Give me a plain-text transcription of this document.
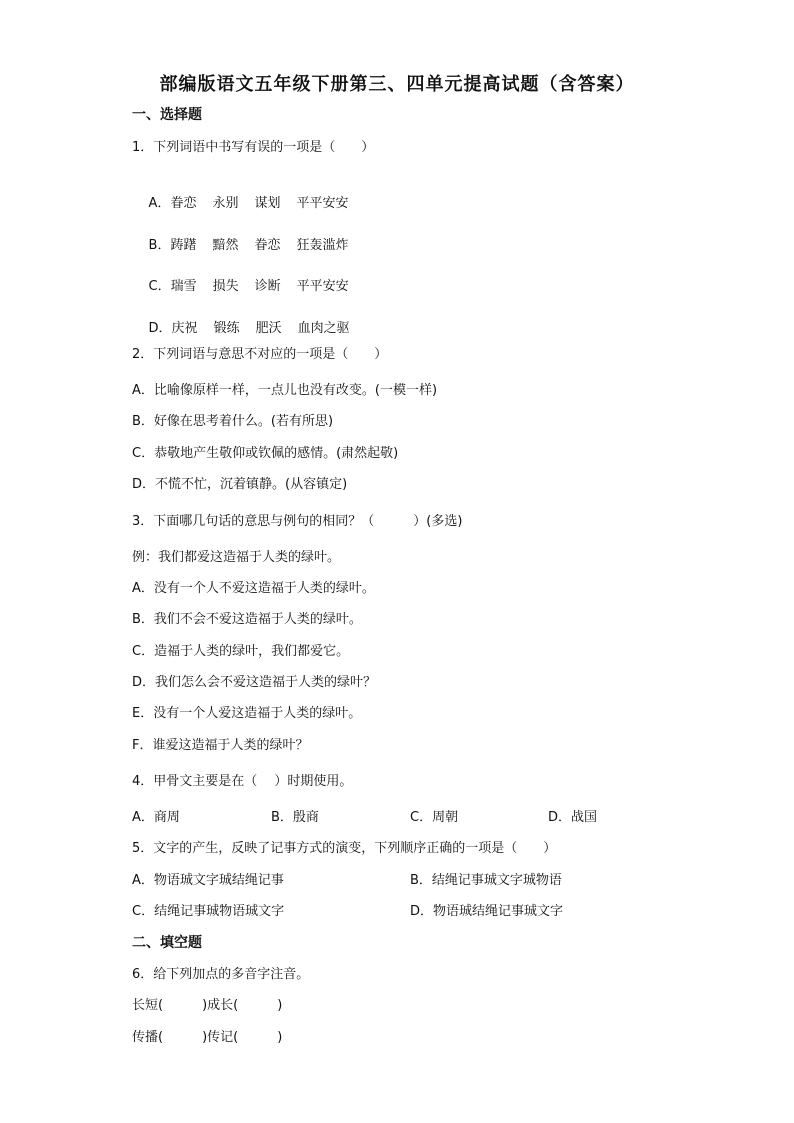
部编版语文五年级下册第三、四单元提高试题（含答案）
一、选择题
1．下列词语中书写有误的一项是（　　）

A．眷恋 永别 谋划 平平安安

B．踌躇 黯然 眷恋 狂轰滥炸

C．瑞雪 损失 诊断 平平安安

D．庆祝 锻练 肥沃 血肉之驱

2．下列词语与意思不对应的一项是（　　）
A．比喻像原样一样，一点儿也没有改变。(一模一样)
B．好像在思考着什么。(若有所思)
C．恭敬地产生敬仰或钦佩的感情。(肃然起敬)
D．不慌不忙，沉着镇静。(从容镇定)
3．下面哪几句话的意思与例句的相同？（　　　）(多选)
例：我们都爱这造福于人类的绿叶。
A．没有一个人不爱这造福于人类的绿叶。
B．我们不会不爱这造福于人类的绿叶。
C．造福于人类的绿叶，我们都爱它。
D．我们怎么会不爱这造福于人类的绿叶？
E．没有一个人爱这造福于人类的绿叶。
F．谁爱这造福于人类的绿叶？
4．甲骨文主要是在（　 ）时期使用。
A．商周	B．殷商	C．周朝	D．战国
5．文字的产生，反映了记事方式的演变，下列顺序正确的一项是（　　）
A．物语珹文字珹结绳记事	B．结绳记事珹文字珹物语
C．结绳记事珹物语珹文字	D．物语珹结绳记事珹文字
二、填空题
6．给下列加点的多音字注音。
长短(　　　)成长(　　　)
传播(　　　)传记(　　　)
